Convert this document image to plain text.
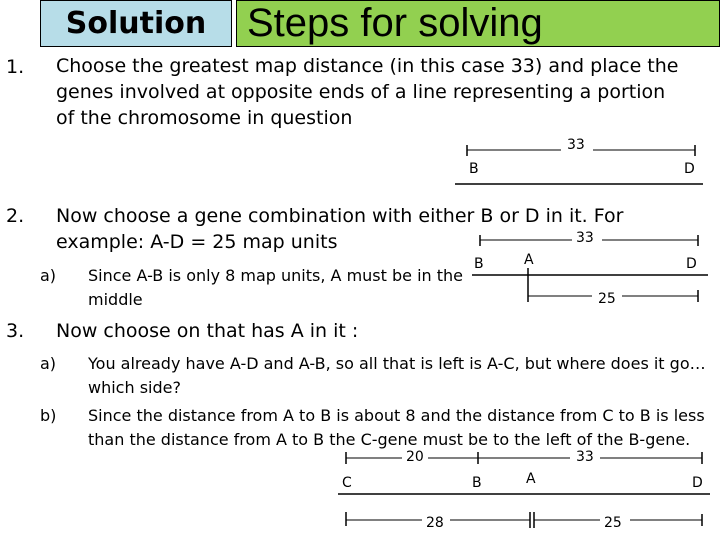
Solution	Steps for solving
1. Choose the greatest map distance (in this case 33) and place the genes involved at opposite ends of a line representing a portion of the chromosome in question
33
B	D
2. Now choose a gene combination with either B or D in it. For example: A-D = 25 map units
a) Since A-B is only 8 map units, A must be in the middle
33
B	A	D
25
3. Now choose on that has A in it :
a) You already have A-D and A-B, so all that is left is A-C, but where does it go…which side?
b) Since the distance from A to B is about 8 and the distance from C to B is less than the distance from A to B the C-gene must be to the left of the B-gene.
20	33
C	B	A	D
28	25
